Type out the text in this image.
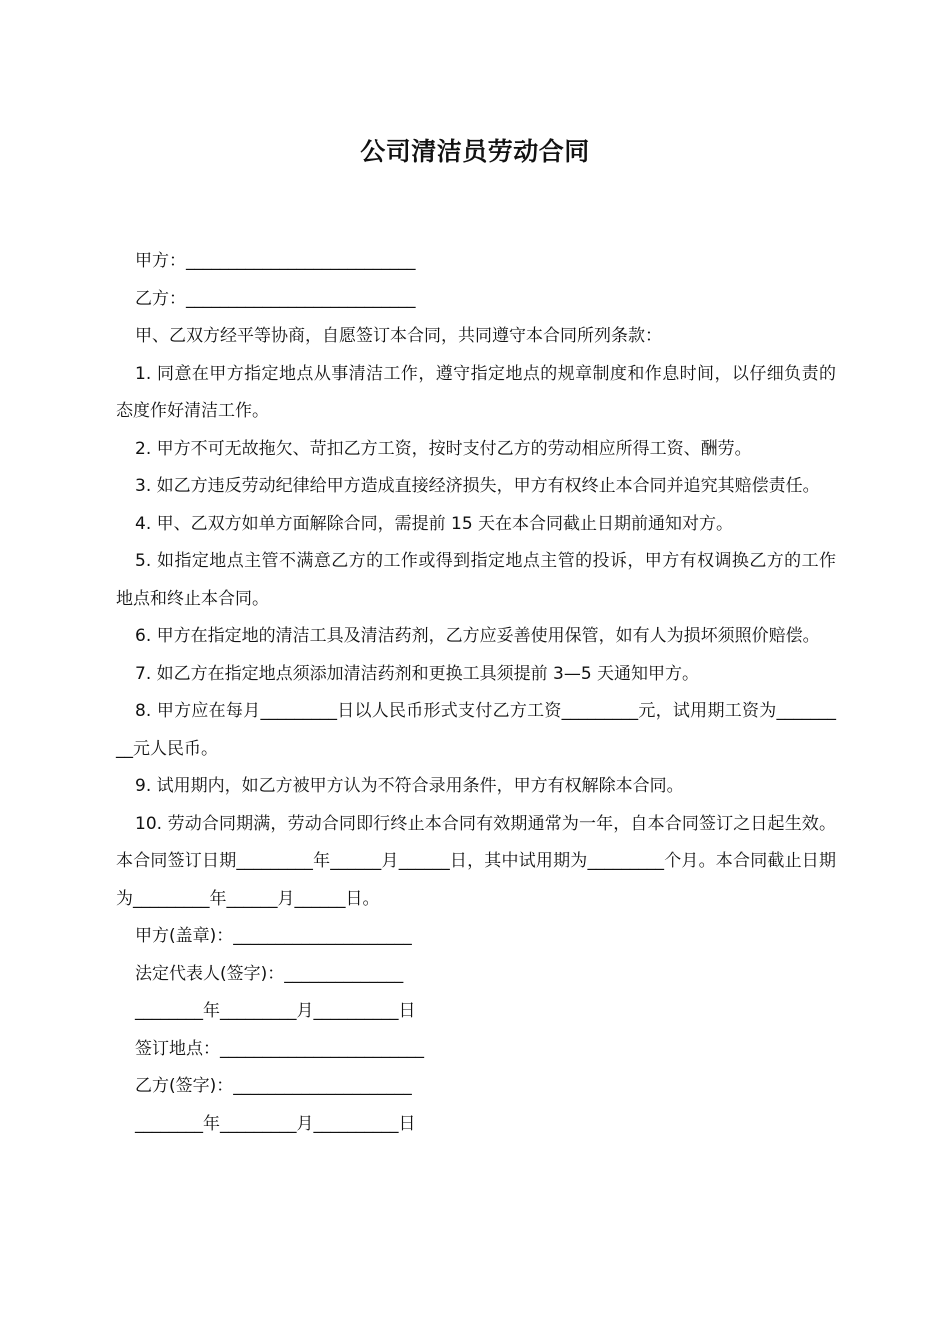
公司清洁员劳动合同

甲方：___________________________

乙方：___________________________

甲、乙双方经平等协商，自愿签订本合同，共同遵守本合同所列条款：

1. 同意在甲方指定地点从事清洁工作，遵守指定地点的规章制度和作息时间，以仔细负责的态度作好清洁工作。

2. 甲方不可无故拖欠、苛扣乙方工资，按时支付乙方的劳动相应所得工资、酬劳。

3. 如乙方违反劳动纪律给甲方造成直接经济损失，甲方有权终止本合同并追究其赔偿责任。

4. 甲、乙双方如单方面解除合同，需提前 15 天在本合同截止日期前通知对方。

5. 如指定地点主管不满意乙方的工作或得到指定地点主管的投诉，甲方有权调换乙方的工作地点和终止本合同。

6. 甲方在指定地的清洁工具及清洁药剂，乙方应妥善使用保管，如有人为损坏须照价赔偿。

7. 如乙方在指定地点须添加清洁药剂和更换工具须提前 3—5 天通知甲方。

8. 甲方应在每月_________日以人民币形式支付乙方工资_________元，试用期工资为_________元人民币。

9. 试用期内，如乙方被甲方认为不符合录用条件，甲方有权解除本合同。

10. 劳动合同期满，劳动合同即行终止本合同有效期通常为一年，自本合同签订之日起生效。本合同签订日期_________年______月______日，其中试用期为_________个月。本合同截止日期为_________年______月______日。

甲方(盖章)：_____________________

法定代表人(签字)：______________

________年_________月__________日

签订地点：________________________

乙方(签字)：_____________________

________年_________月__________日
